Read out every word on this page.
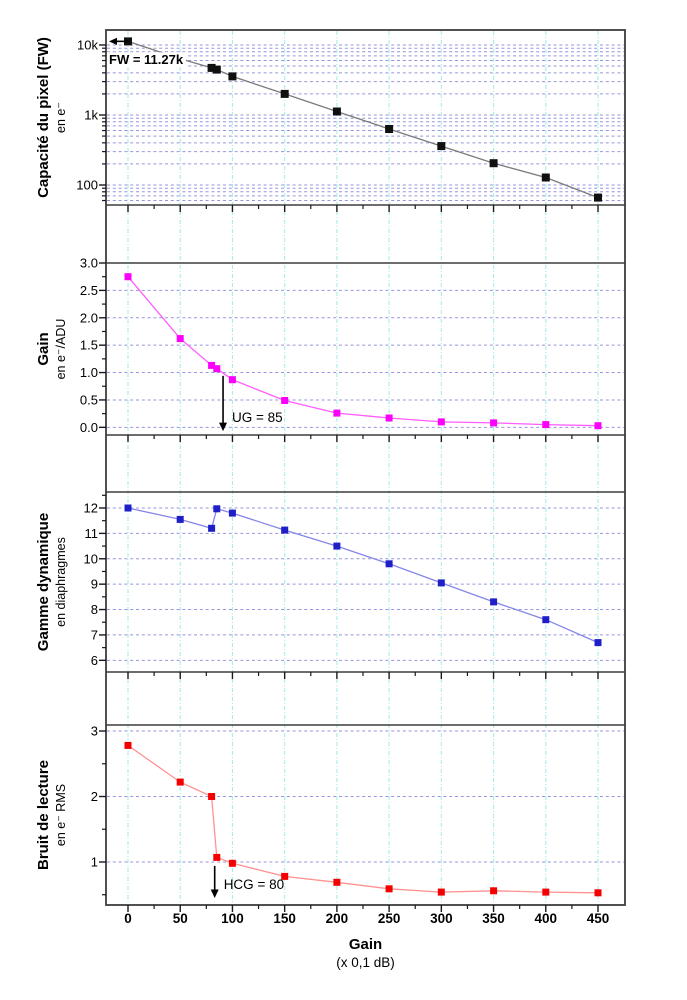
FW = 11.27k
UG = 85
HCG = 80
10k
1k
100
Capacité du pixel (FW) en e⁻
3.0
2.5
2.0
1.5
1.0
0.5
0.0
Gain en e⁻/ADU
12
11
10
9
8
7
6
Gamme dynamique en diaphragmes
3
2
1
Bruit de lecture en e⁻ RMS
0	50 100 150 200 250 300 350 400 450
Gain
(x 0,1 dB)
